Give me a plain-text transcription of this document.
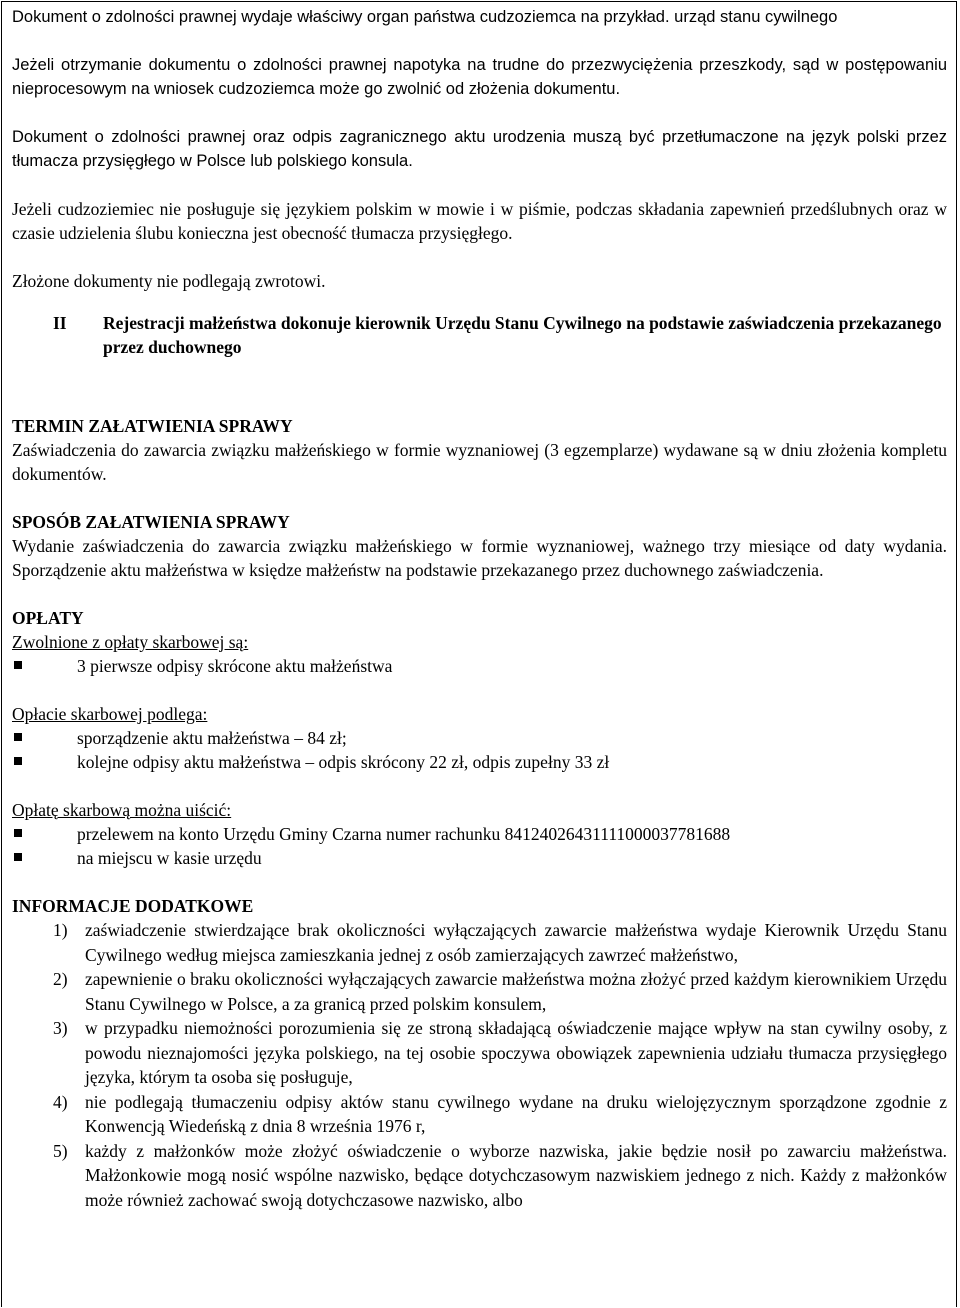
Dokument o zdolności prawnej wydaje właściwy organ państwa cudzoziemca na przykład. urząd stanu cywilnego

Jeżeli otrzymanie dokumentu o zdolności prawnej napotyka na trudne do przezwyciężenia przeszkody, sąd w postępowaniu nieprocesowym na wniosek cudzoziemca może go zwolnić od złożenia dokumentu.

Dokument o zdolności prawnej oraz odpis zagranicznego aktu urodzenia muszą być przetłumaczone na język polski przez tłumacza przysięgłego w Polsce lub polskiego konsula.

Jeżeli cudzoziemiec nie posługuje się językiem polskim w mowie i w piśmie, podczas składania zapewnień przedślubnych oraz w czasie udzielenia ślubu konieczna jest obecność tłumacza przysięgłego.

Złożone dokumenty nie podlegają zwrotowi.

II	Rejestracji małżeństwa dokonuje kierownik Urzędu Stanu Cywilnego na podstawie zaświadczenia przekazanego przez duchownego
TERMIN ZAŁATWIENIA SPRAWY

Zaświadczenia do zawarcia związku małżeńskiego w formie wyznaniowej (3 egzemplarze) wydawane są w dniu złożenia kompletu dokumentów.

SPOSÓB ZAŁATWIENIA SPRAWY

Wydanie zaświadczenia do zawarcia związku małżeńskiego w formie wyznaniowej, ważnego trzy miesiące od daty wydania. Sporządzenie aktu małżeństwa w księdze małżeństw na podstawie przekazanego przez duchownego zaświadczenia.

OPŁATY
Zwolnione z opłaty skarbowej są:
3 pierwsze odpisy skrócone aktu małżeństwa
Opłacie skarbowej podlega:
sporządzenie aktu małżeństwa – 84 zł;
kolejne odpisy aktu małżeństwa – odpis skrócony 22 zł, odpis zupełny 33 zł
Opłatę skarbową można uiścić:
przelewem na konto Urzędu Gminy Czarna numer rachunku 84124026431111000037781688
na miejscu w kasie urzędu
INFORMACJE DODATKOWE
1) zaświadczenie stwierdzające brak okoliczności wyłączających zawarcie małżeństwa wydaje Kierownik Urzędu Stanu Cywilnego według miejsca zamieszkania jednej z osób zamierzających zawrzeć małżeństwo,
2) zapewnienie o braku okoliczności wyłączających zawarcie małżeństwa można złożyć przed każdym kierownikiem Urzędu Stanu Cywilnego w Polsce, a za granicą przed polskim konsulem,
3) w przypadku niemożności porozumienia się ze stroną składającą oświadczenie mające wpływ na stan cywilny osoby, z powodu nieznajomości języka polskiego, na tej osobie spoczywa obowiązek zapewnienia udziału tłumacza przysięgłego języka, którym ta osoba się posługuje,
4) nie podlegają tłumaczeniu odpisy aktów stanu cywilnego wydane na druku wielojęzycznym sporządzone zgodnie z Konwencją Wiedeńską z dnia 8 września 1976 r,
5) każdy z małżonków może złożyć oświadczenie o wyborze nazwiska, jakie będzie nosił po zawarciu małżeństwa. Małżonkowie mogą nosić wspólne nazwisko, będące dotychczasowym nazwiskiem jednego z nich. Każdy z małżonków może również zachować swoją dotychczasowe nazwisko, albo
